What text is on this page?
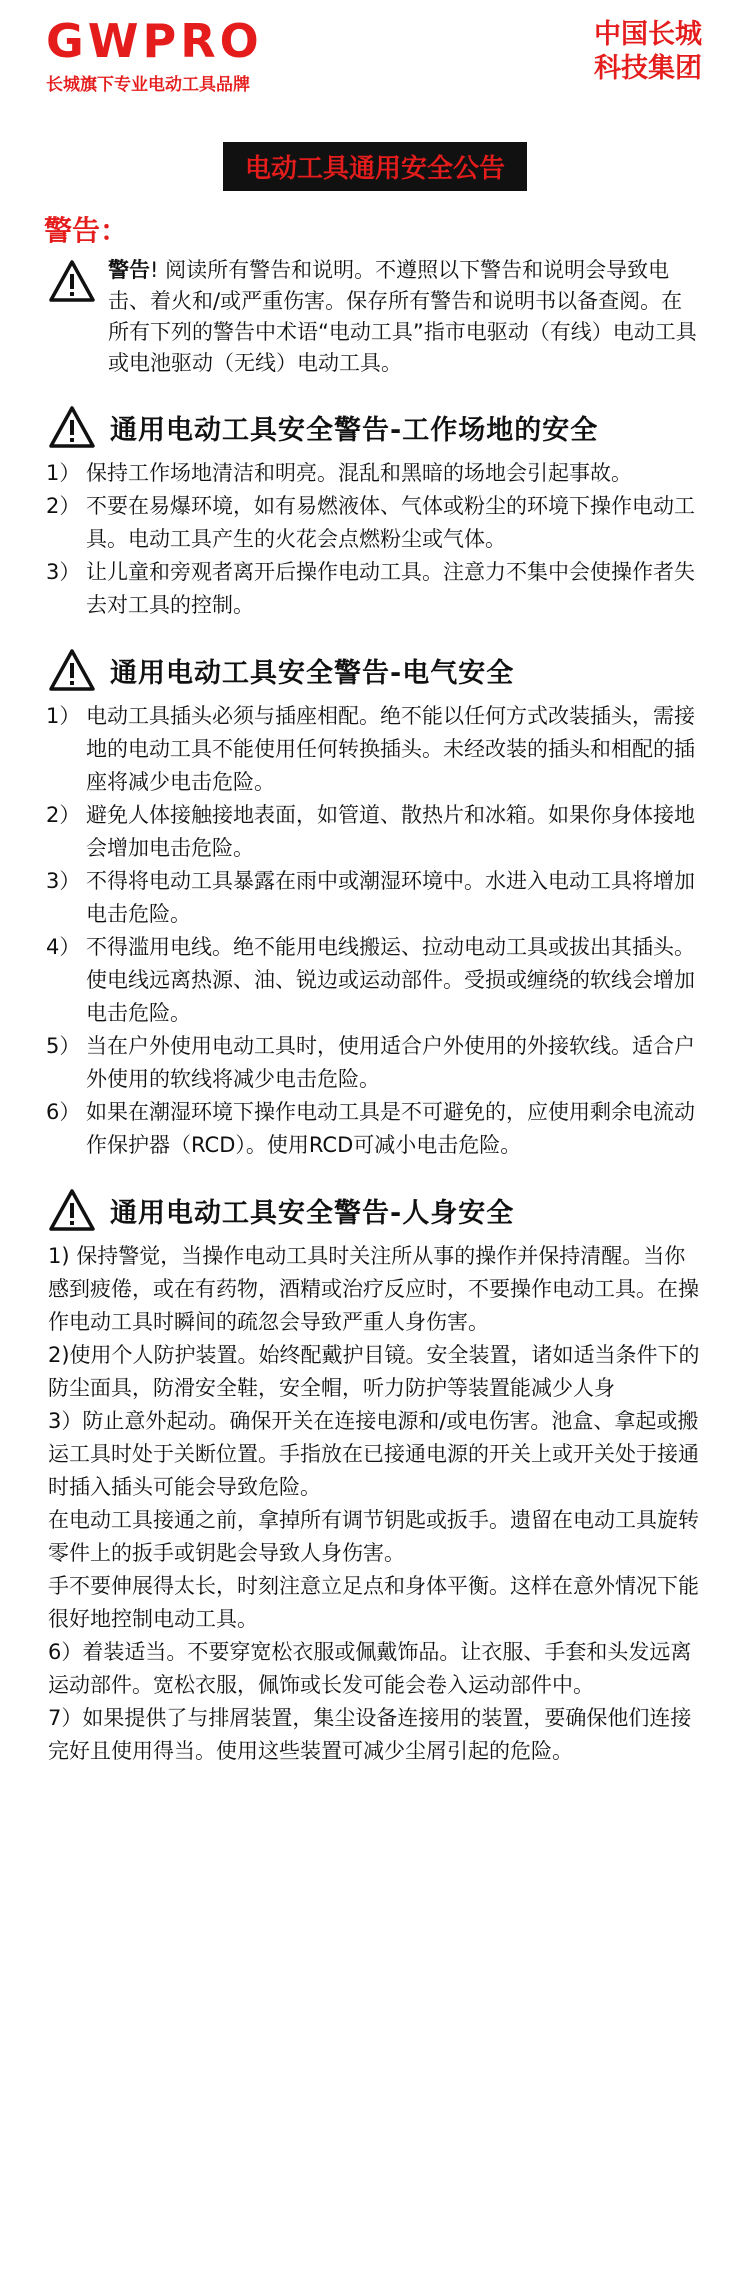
GWPRO
长城旗下专业电动工具品牌
中国长城
科技集团
电动工具通用安全公告
警告：

警告! 阅读所有警告和说明。不遵照以下警告和说明会导致电击、着火和/或严重伤害。保存所有警告和说明书以备查阅。在所有下列的警告中术语“电动工具”指市电驱动（有线）电动工具或电池驱动（无线）电动工具。

通用电动工具安全警告-工作场地的安全
1） 保持工作场地清洁和明亮。混乱和黑暗的场地会引起事故。
2） 不要在易爆环境，如有易燃液体、气体或粉尘的环境下操作电动工具。电动工具产生的火花会点燃粉尘或气体。
3） 让儿童和旁观者离开后操作电动工具。注意力不集中会使操作者失去对工具的控制。
通用电动工具安全警告-电气安全
1） 电动工具插头必须与插座相配。绝不能以任何方式改装插头，需接地的电动工具不能使用任何转换插头。未经改装的插头和相配的插座将减少电击危险。
2） 避免人体接触接地表面，如管道、散热片和冰箱。如果你身体接地会增加电击危险。
3） 不得将电动工具暴露在雨中或潮湿环境中。水进入电动工具将增加电击危险。
4） 不得滥用电线。绝不能用电线搬运、拉动电动工具或拔出其插头。使电线远离热源、油、锐边或运动部件。受损或缠绕的软线会增加电击危险。
5） 当在户外使用电动工具时，使用适合户外使用的外接软线。适合户外使用的软线将减少电击危险。
6） 如果在潮湿环境下操作电动工具是不可避免的，应使用剩余电流动作保护器（RCD）。使用RCD可减小电击危险。
通用电动工具安全警告-人身安全

1) 保持警觉，当操作电动工具时关注所从事的操作并保持清醒。当你感到疲倦，或在有药物，酒精或治疗反应时，不要操作电动工具。在操作电动工具时瞬间的疏忽会导致严重人身伤害。

2)使用个人防护装置。始终配戴护目镜。安全装置，诸如适当条件下的防尘面具，防滑安全鞋，安全帽，听力防护等装置能减少人身

3）防止意外起动。确保开关在连接电源和/或电伤害。池盒、拿起或搬运工具时处于关断位置。手指放在已接通电源的开关上或开关处于接通时插入插头可能会导致危险。

在电动工具接通之前，拿掉所有调节钥匙或扳手。遗留在电动工具旋转零件上的扳手或钥匙会导致人身伤害。

手不要伸展得太长，时刻注意立足点和身体平衡。这样在意外情况下能很好地控制电动工具。

6）着装适当。不要穿宽松衣服或佩戴饰品。让衣服、手套和头发远离运动部件。宽松衣服，佩饰或长发可能会卷入运动部件中。

7）如果提供了与排屑装置，集尘设备连接用的装置，要确保他们连接完好且使用得当。使用这些装置可减少尘屑引起的危险。
